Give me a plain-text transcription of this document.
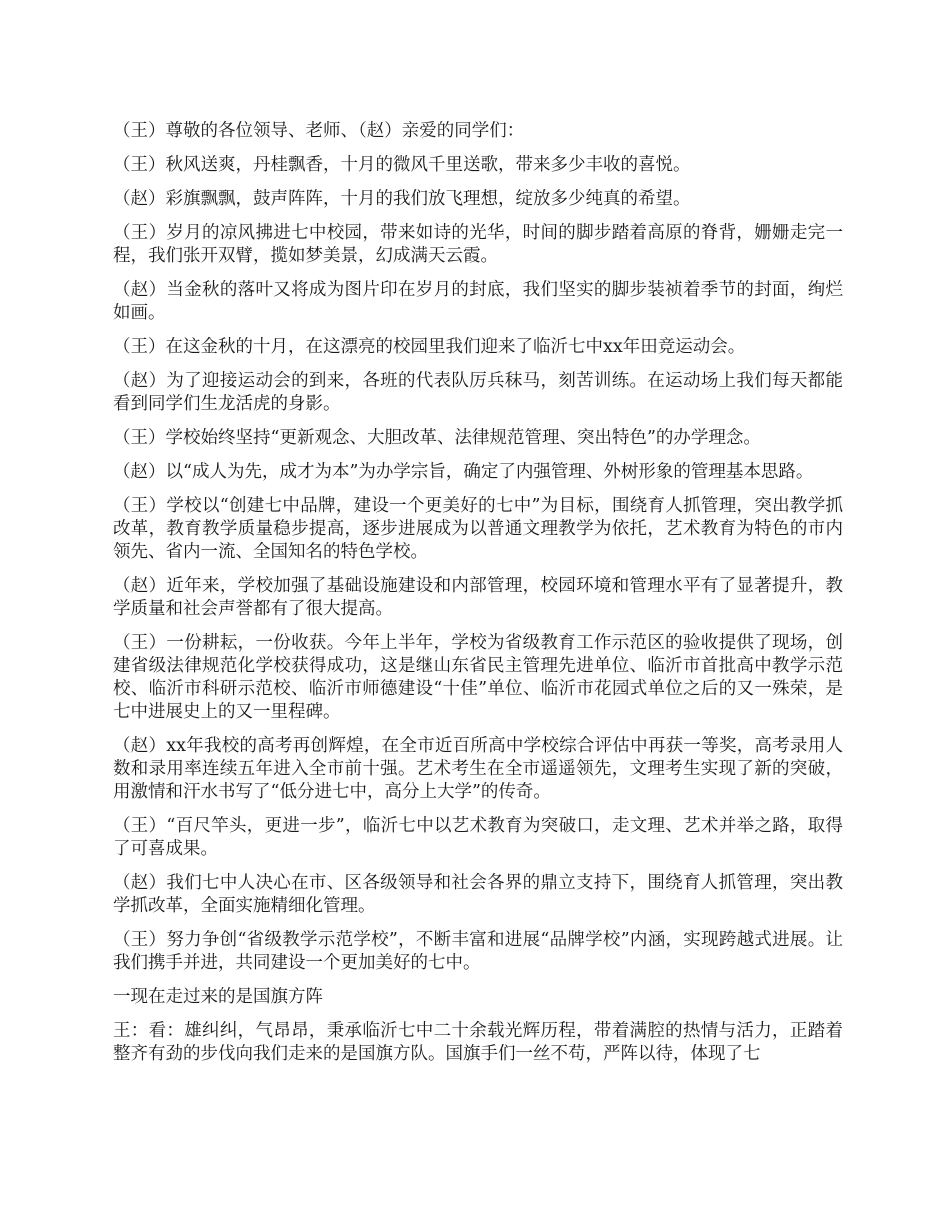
（王）尊敬的各位领导、老师、（赵）亲爱的同学们：

（王）秋风送爽，丹桂飘香，十月的微风千里送歌，带来多少丰收的喜悦。

（赵）彩旗飘飘，鼓声阵阵，十月的我们放飞理想，绽放多少纯真的希望。

（王）岁月的凉风拂进七中校园，带来如诗的光华，时间的脚步踏着高原的脊背，姗姗走完一程，我们张开双臂，揽如梦美景，幻成满天云霞。

（赵）当金秋的落叶又将成为图片印在岁月的封底，我们坚实的脚步装祯着季节的封面，绚烂如画。

（王）在这金秋的十月，在这漂亮的校园里我们迎来了临沂七中xx年田竞运动会。

（赵）为了迎接运动会的到来，各班的代表队厉兵秣马，刻苦训练。在运动场上我们每天都能看到同学们生龙活虎的身影。

（王）学校始终坚持“更新观念、大胆改革、法律规范管理、突出特色”的办学理念。

（赵）以“成人为先，成才为本”为办学宗旨，确定了内强管理、外树形象的管理基本思路。

（王）学校以“创建七中品牌，建设一个更美好的七中”为目标，围绕育人抓管理，突出教学抓改革，教育教学质量稳步提高，逐步进展成为以普通文理教学为依托，艺术教育为特色的市内领先、省内一流、全国知名的特色学校。

（赵）近年来，学校加强了基础设施建设和内部管理，校园环境和管理水平有了显著提升，教学质量和社会声誉都有了很大提高。

（王）一份耕耘，一份收获。今年上半年，学校为省级教育工作示范区的验收提供了现场，创建省级法律规范化学校获得成功，这是继山东省民主管理先进单位、临沂市首批高中教学示范校、临沂市科研示范校、临沂市师德建设“十佳”单位、临沂市花园式单位之后的又一殊荣，是七中进展史上的又一里程碑。

（赵）xx年我校的高考再创辉煌，在全市近百所高中学校综合评估中再获一等奖，高考录用人数和录用率连续五年进入全市前十强。艺术考生在全市遥遥领先，文理考生实现了新的突破，用激情和汗水书写了“低分进七中，高分上大学”的传奇。

（王）“百尺竿头，更进一步”，临沂七中以艺术教育为突破口，走文理、艺术并举之路，取得了可喜成果。

（赵）我们七中人决心在市、区各级领导和社会各界的鼎立支持下，围绕育人抓管理，突出教学抓改革，全面实施精细化管理。

（王）努力争创“省级教学示范学校”，不断丰富和进展“品牌学校”内涵，实现跨越式进展。让我们携手并进，共同建设一个更加美好的七中。

一现在走过来的是国旗方阵

王：看：雄纠纠，气昂昂，秉承临沂七中二十余载光辉历程，带着满腔的热情与活力，正踏着整齐有劲的步伐向我们走来的是国旗方队。国旗手们一丝不苟，严阵以待，体现了七
